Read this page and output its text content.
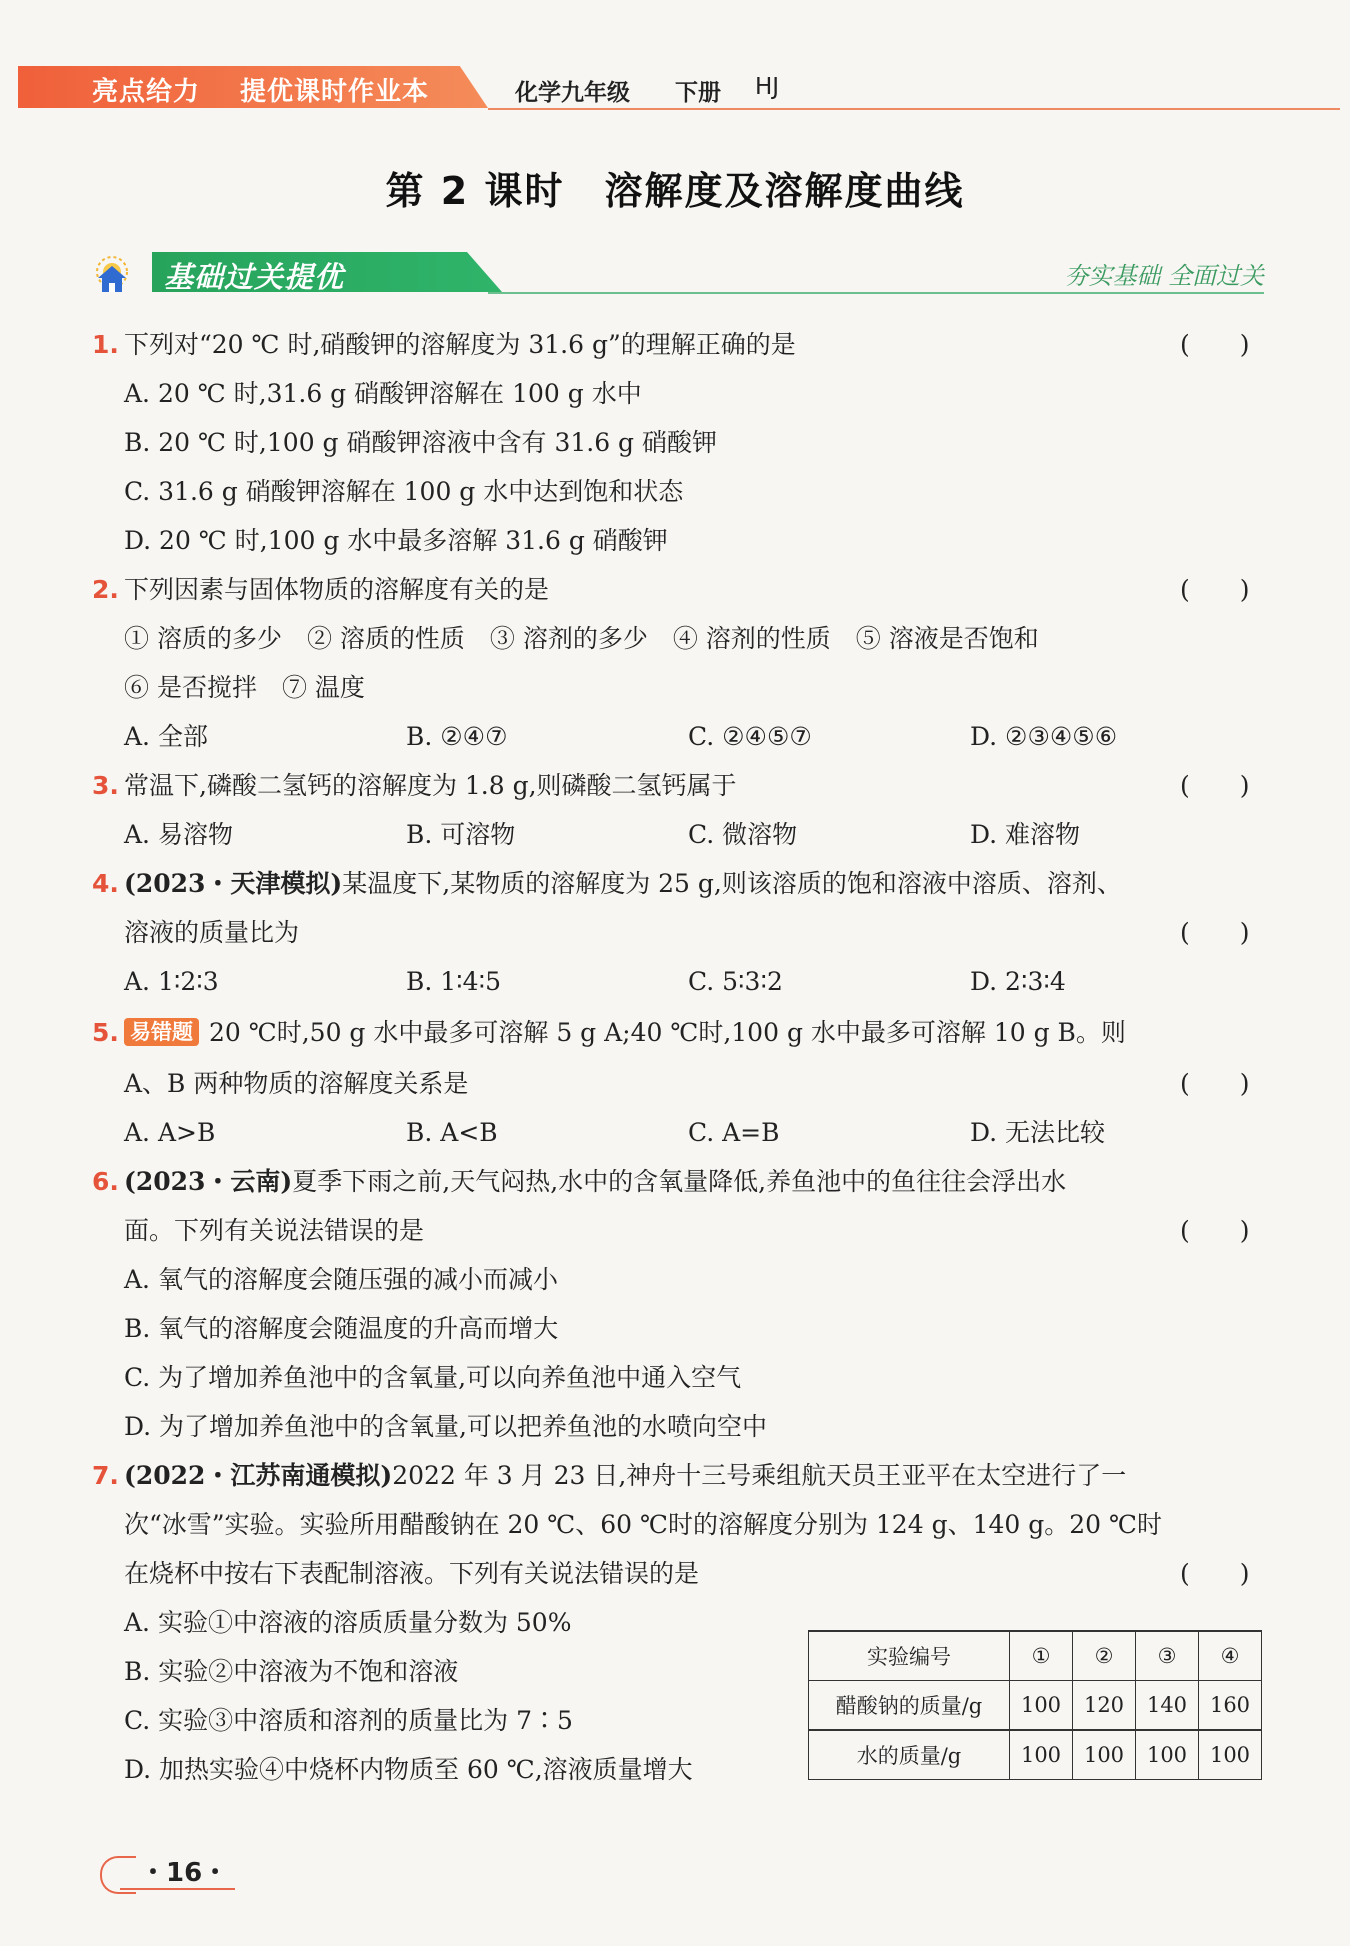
亮点给力 提优课时作业本	化学九年级 下册 HJ
第 2 课时　溶解度及溶解度曲线
基础过关提优	夯实基础 全面过关
1. 下列对“20 ℃ 时,硝酸钾的溶解度为 31.6 g”的理解正确的是	(　　)
A. 20 ℃ 时,31.6 g 硝酸钾溶解在 100 g 水中
B. 20 ℃ 时,100 g 硝酸钾溶液中含有 31.6 g 硝酸钾
C. 31.6 g 硝酸钾溶解在 100 g 水中达到饱和状态
D. 20 ℃ 时,100 g 水中最多溶解 31.6 g 硝酸钾
2. 下列因素与固体物质的溶解度有关的是	(　　)
① 溶质的多少　② 溶质的性质　③ 溶剂的多少　④ 溶剂的性质　⑤ 溶液是否饱和
⑥ 是否搅拌　⑦ 温度
A. 全部	B. ②④⑦	C. ②④⑤⑦	D. ②③④⑤⑥
3. 常温下,磷酸二氢钙的溶解度为 1.8 g,则磷酸二氢钙属于	(　　)
A. 易溶物	B. 可溶物	C. 微溶物	D. 难溶物
4. (2023・天津模拟)某温度下,某物质的溶解度为 25 g,则该溶质的饱和溶液中溶质、溶剂、
溶液的质量比为	(　　)
A. 1∶2∶3	B. 1∶4∶5	C. 5∶3∶2	D. 2∶3∶4
5. 易错题 20 ℃时,50 g 水中最多可溶解 5 g A;40 ℃时,100 g 水中最多可溶解 10 g B。则
A、B 两种物质的溶解度关系是	(　　)
A. A>B	B. A<B	C. A=B	D. 无法比较
6. (2023・云南)夏季下雨之前,天气闷热,水中的含氧量降低,养鱼池中的鱼往往会浮出水
面。下列有关说法错误的是	(　　)
A. 氧气的溶解度会随压强的减小而减小
B. 氧气的溶解度会随温度的升高而增大
C. 为了增加养鱼池中的含氧量,可以向养鱼池中通入空气
D. 为了增加养鱼池中的含氧量,可以把养鱼池的水喷向空中
7. (2022・江苏南通模拟)2022 年 3 月 23 日,神舟十三号乘组航天员王亚平在太空进行了一
次“冰雪”实验。实验所用醋酸钠在 20 ℃、60 ℃时的溶解度分别为 124 g、140 g。20 ℃时
在烧杯中按右下表配制溶液。下列有关说法错误的是	(　　)
A. 实验①中溶液的溶质质量分数为 50%
B. 实验②中溶液为不饱和溶液
C. 实验③中溶质和溶剂的质量比为 7∶5
D. 加热实验④中烧杯内物质至 60 ℃,溶液质量增大
实验编号	①	②	③	④
醋酸钠的质量/g	100	120	140	160
水的质量/g	100	100	100	100
・16・
